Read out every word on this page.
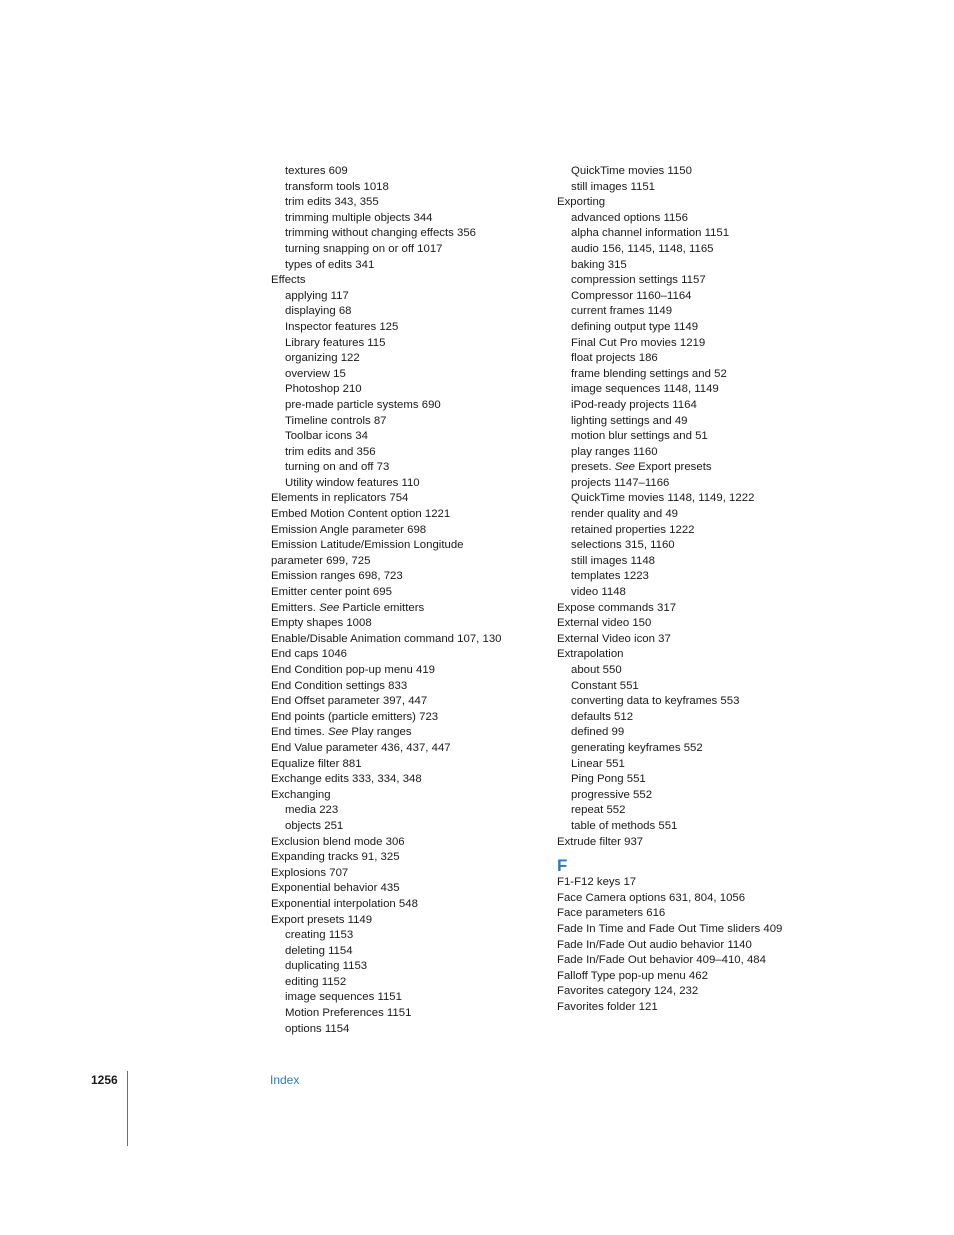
textures 609
transform tools 1018
trim edits 343, 355
trimming multiple objects 344
trimming without changing effects 356
turning snapping on or off 1017
types of edits 341
Effects
applying 117
displaying 68
Inspector features 125
Library features 115
organizing 122
overview 15
Photoshop 210
pre-made particle systems 690
Timeline controls 87
Toolbar icons 34
trim edits and 356
turning on and off 73
Utility window features 110
Elements in replicators 754
Embed Motion Content option 1221
Emission Angle parameter 698
Emission Latitude/Emission Longitude
parameter 699, 725
Emission ranges 698, 723
Emitter center point 695
Emitters. See Particle emitters
Empty shapes 1008
Enable/Disable Animation command 107, 130
End caps 1046
End Condition pop-up menu 419
End Condition settings 833
End Offset parameter 397, 447
End points (particle emitters) 723
End times. See Play ranges
End Value parameter 436, 437, 447
Equalize filter 881
Exchange edits 333, 334, 348
Exchanging
media 223
objects 251
Exclusion blend mode 306
Expanding tracks 91, 325
Explosions 707
Exponential behavior 435
Exponential interpolation 548
Export presets 1149
creating 1153
deleting 1154
duplicating 1153
editing 1152
image sequences 1151
Motion Preferences 1151
options 1154
QuickTime movies 1150
still images 1151
Exporting
advanced options 1156
alpha channel information 1151
audio 156, 1145, 1148, 1165
baking 315
compression settings 1157
Compressor 1160–1164
current frames 1149
defining output type 1149
Final Cut Pro movies 1219
float projects 186
frame blending settings and 52
image sequences 1148, 1149
iPod-ready projects 1164
lighting settings and 49
motion blur settings and 51
play ranges 1160
presets. See Export presets
projects 1147–1166
QuickTime movies 1148, 1149, 1222
render quality and 49
retained properties 1222
selections 315, 1160
still images 1148
templates 1223
video 1148
Expose commands 317
External video 150
External Video icon 37
Extrapolation
about 550
Constant 551
converting data to keyframes 553
defaults 512
defined 99
generating keyframes 552
Linear 551
Ping Pong 551
progressive 552
repeat 552
table of methods 551
Extrude filter 937
F
F1-F12 keys 17
Face Camera options 631, 804, 1056
Face parameters 616
Fade In Time and Fade Out Time sliders 409
Fade In/Fade Out audio behavior 1140
Fade In/Fade Out behavior 409–410, 484
Falloff Type pop-up menu 462
Favorites category 124, 232
Favorites folder 121
1256	Index
